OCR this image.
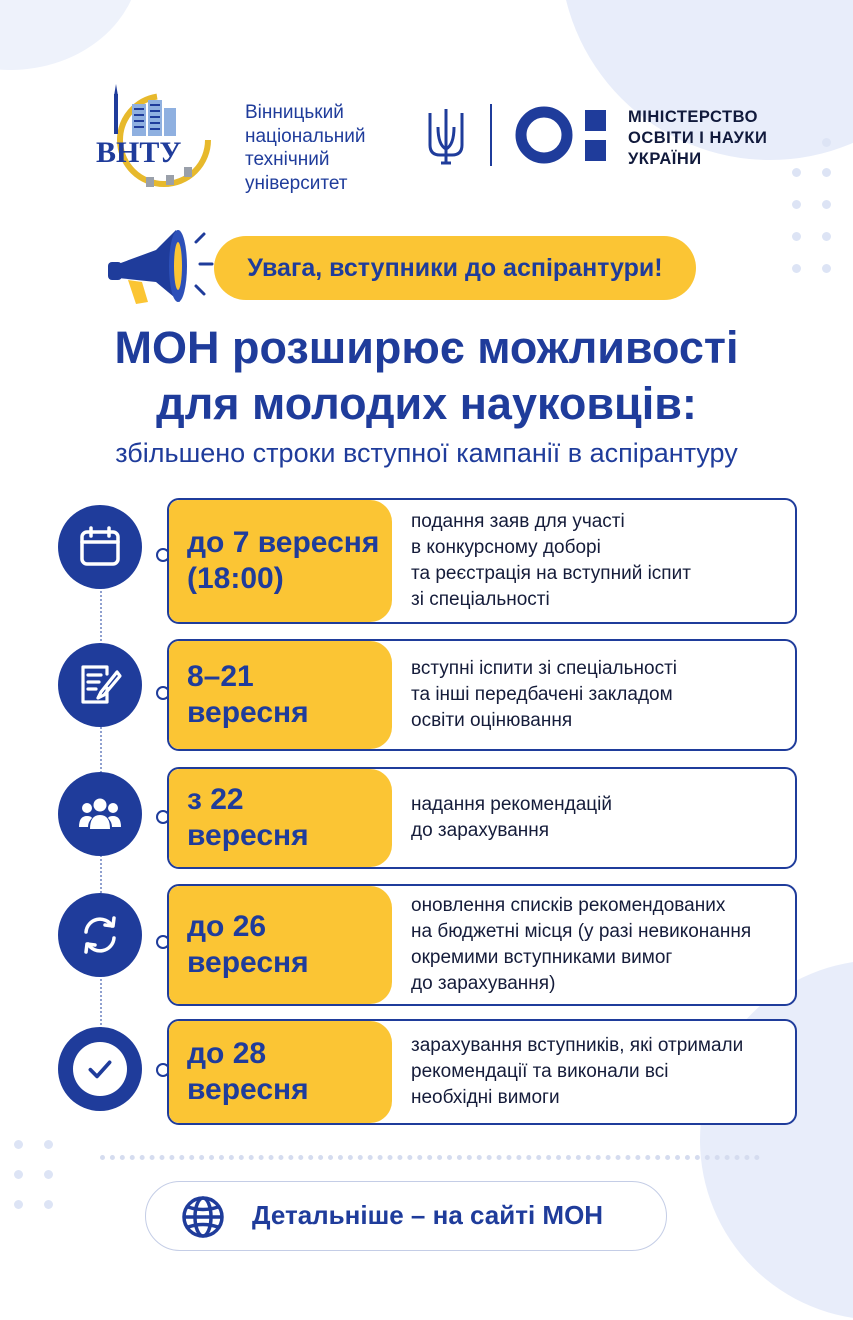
ВНТУ
Вінницький
національний
технічний
університет
МІНІСТЕРСТВО
ОСВІТИ І НАУКИ
УКРАЇНИ
Увага, вступники до аспірантури!
МОН розширює можливості
для молодих науковців:
збільшено строки вступної кампанії в аспірантуру
до 7 вересня
(18:00)
подання заяв для участі
в конкурсному доборі
та реєстрація на вступний іспит
зі спеціальності
8–21
вересня
вступні іспити зі спеціальності
та інші передбачені закладом
освіти оцінювання
з 22
вересня
надання рекомендацій
до зарахування
до 26
вересня
оновлення списків рекомендованих
на бюджетні місця (у разі невиконання
окремими вступниками вимог
до зарахування)
до 28
вересня
зарахування вступників, які отримали
рекомендації та виконали всі
необхідні вимоги
Детальніше – на сайті МОН
